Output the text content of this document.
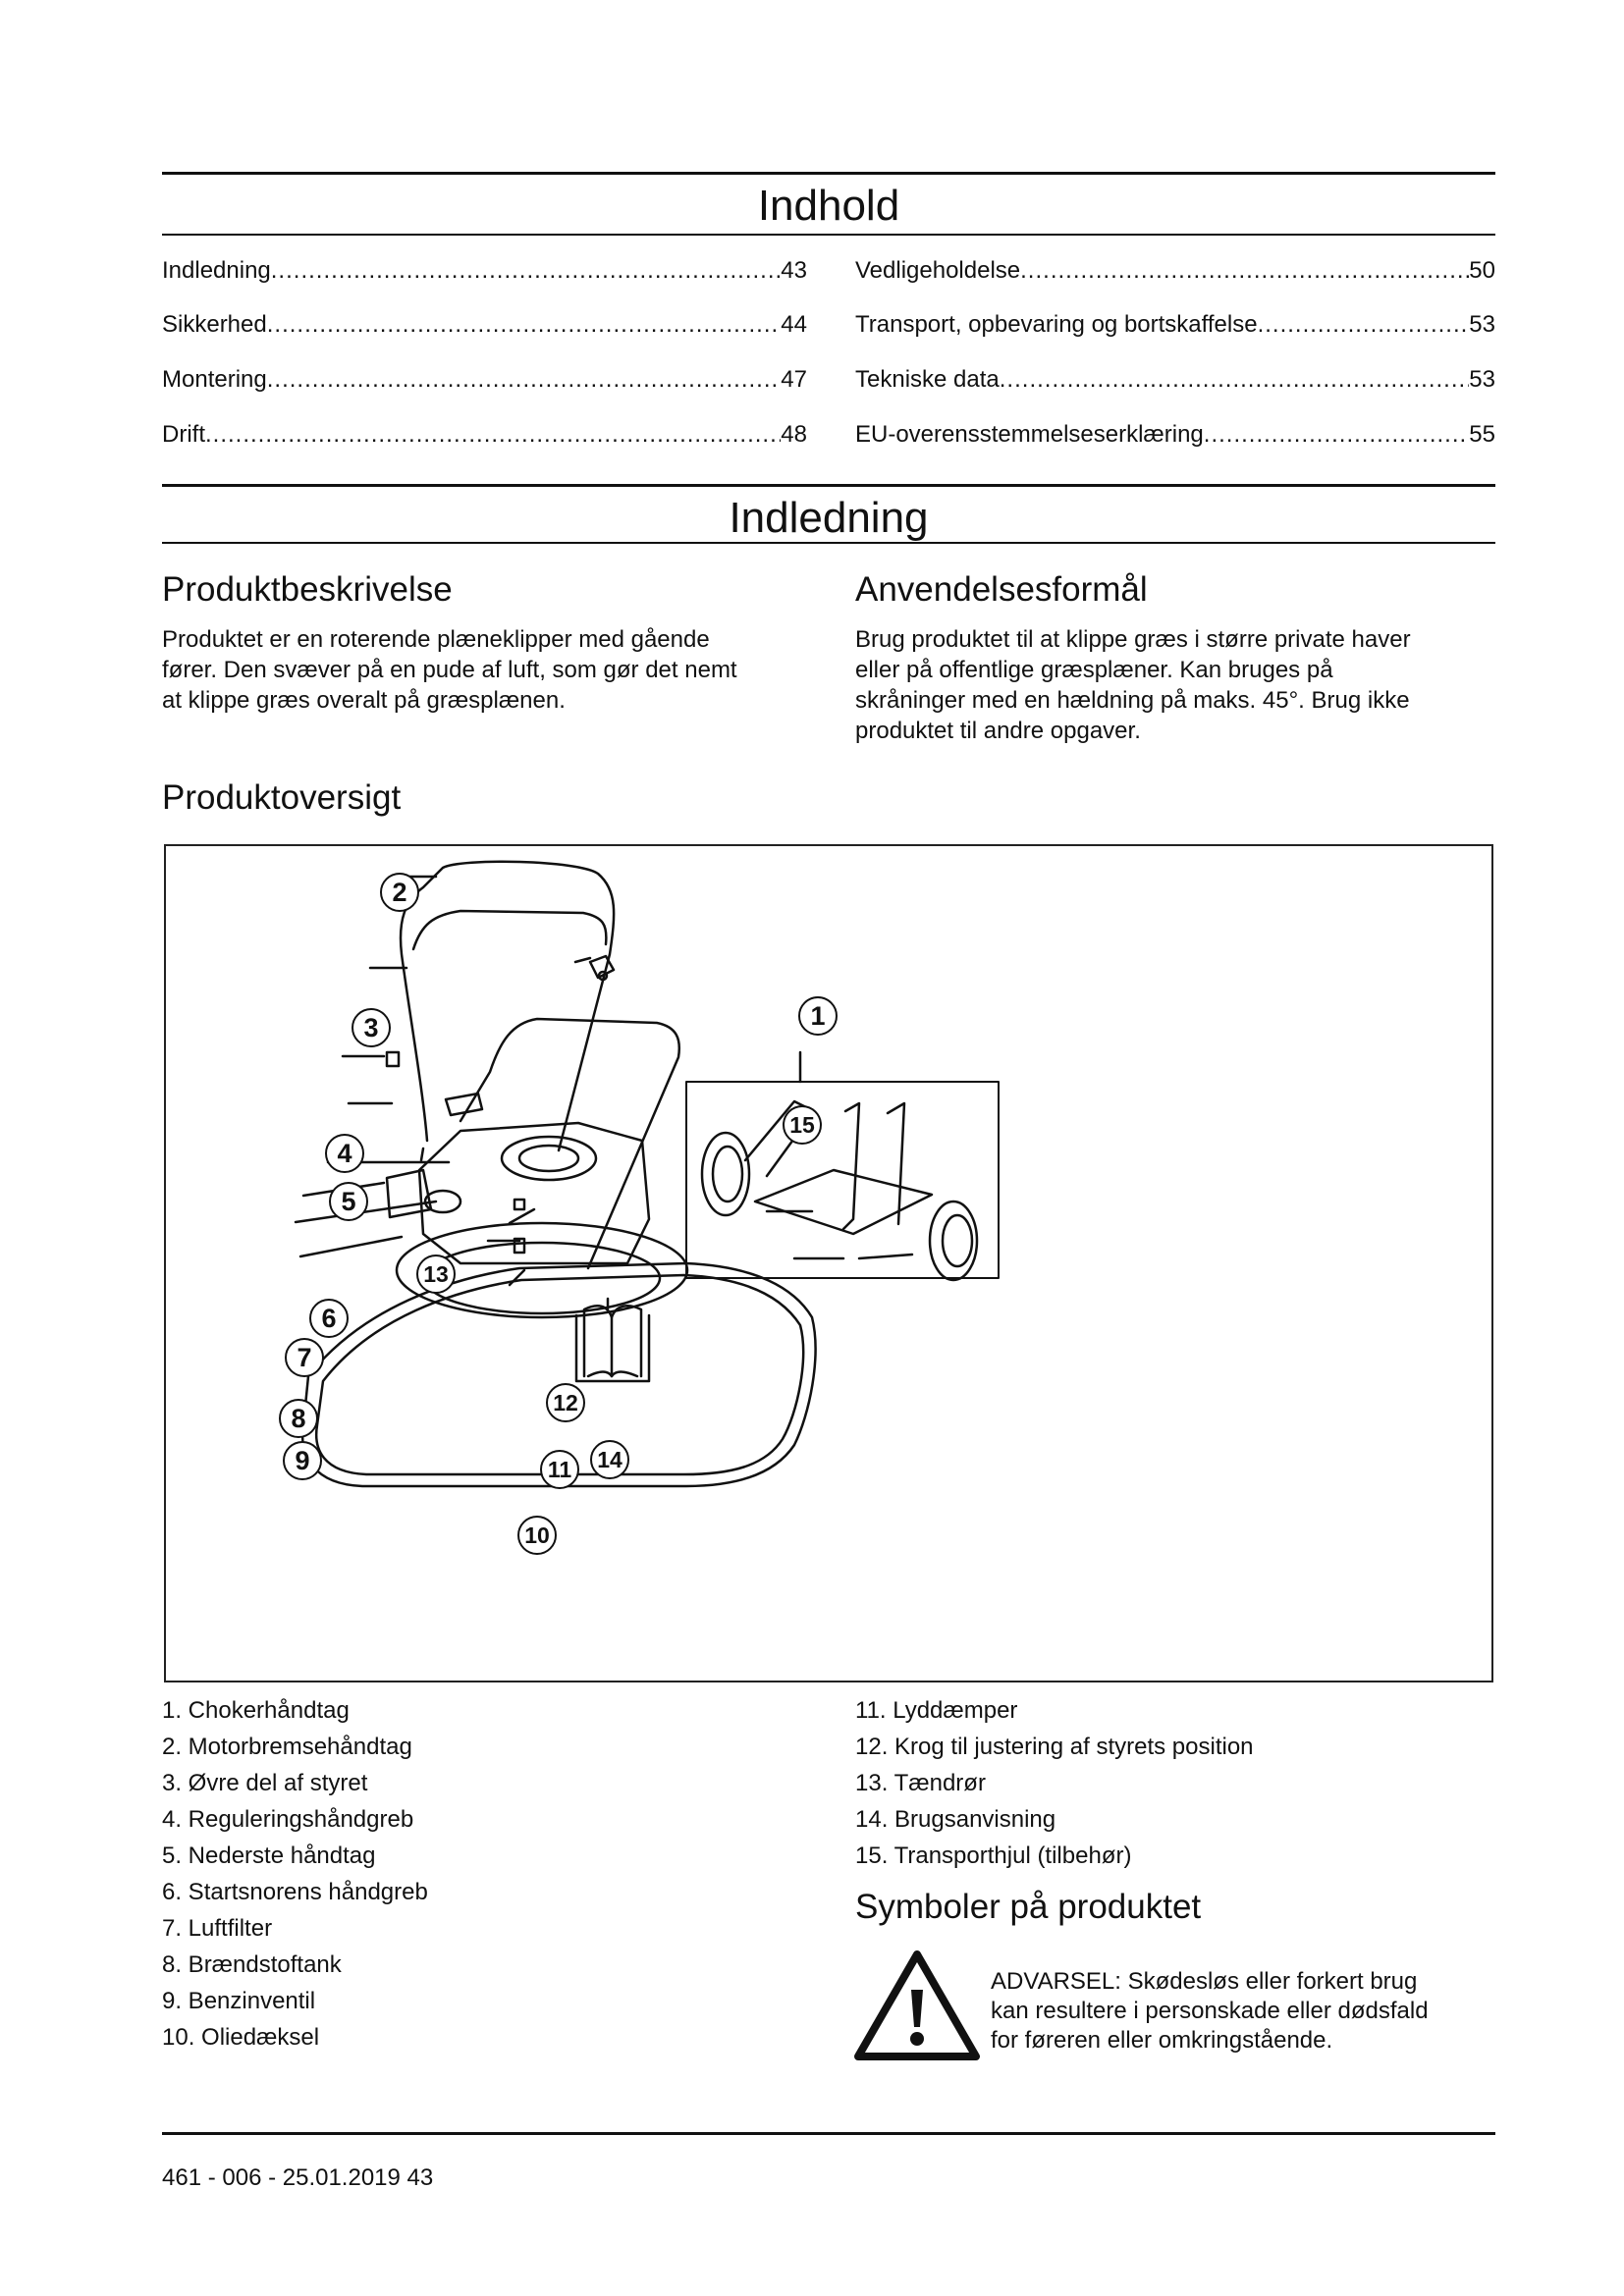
Indhold
Indledning .....	43
Sikkerhed .....	44
Montering .....	47
Drift .....	48
Vedligeholdelse .....	50
Transport, opbevaring og bortskaffelse .....	53
Tekniske data .....	53
EU-overensstemmelseserklæring .....	55
Indledning
Produktbeskrivelse
Produktet er en roterende plæneklipper med gående
fører. Den svæver på en pude af luft, som gør det nemt
at klippe græs overalt på græsplænen.
Anvendelsesformål
Brug produktet til at klippe græs i større private haver
eller på offentlige græsplæner. Kan bruges på
skråninger med en hældning på maks. 45°. Brug ikke
produktet til andre opgaver.
Produktoversigt
2
1
3
4
5
13
6
7
12
8
15
14
9	11
10
1. Chokerhåndtag
2. Motorbremsehåndtag
3. Øvre del af styret
4. Reguleringshåndgreb
5. Nederste håndtag
6. Startsnorens håndgreb
7. Luftfilter
8. Brændstoftank
9. Benzinventil
10. Oliedæksel
11. Lyddæmper
12. Krog til justering af styrets position
13. Tændrør
14. Brugsanvisning
15. Transporthjul (tilbehør)
Symboler på produktet
ADVARSEL: Skødesløs eller forkert brug
kan resultere i personskade eller dødsfald
for føreren eller omkringstående.
461 - 006 - 25.01.2019 43
